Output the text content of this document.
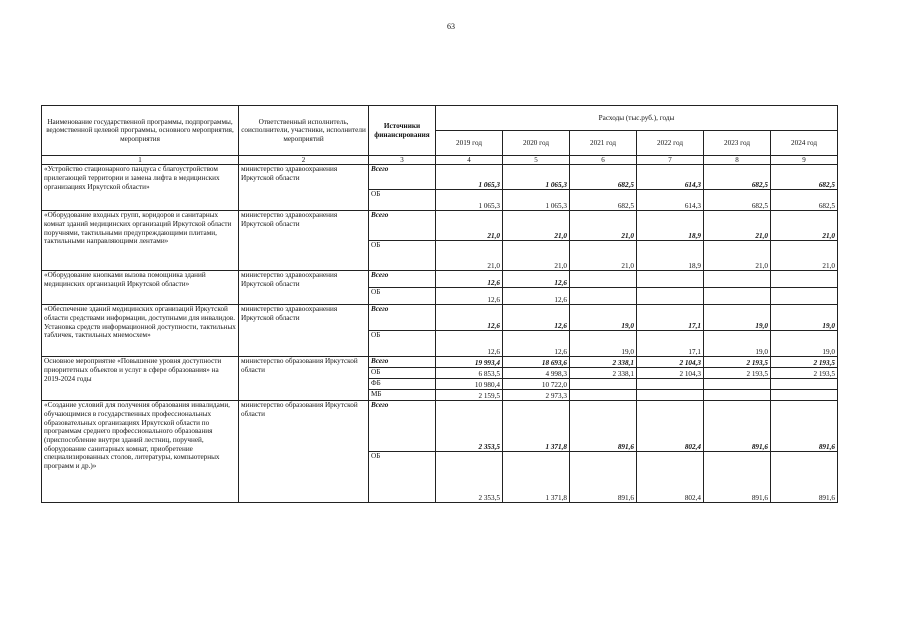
63
Наименование государственной программы, подпрограммы, ведомственной целевой программы, основного мероприятия, мероприятия	Ответственный исполнитель, соисполнители, участники, исполнители мероприятий	Источники финансирования	Расходы (тыс.руб.), годы					
			2019 год	2020 год	2021 год	2022 год	2023 год	2024 год
1	2	3	4	5	6	7	8	9
«Устройство стационарного пандуса с благоустройством прилегающей территории и замена лифта в медицинских организациях Иркутской области»	министерство здравоохранения Иркутской области	Всего	1 065,3	1 065,3	682,5	614,3	682,5	682,5
		ОБ	1 065,3	1 065,3	682,5	614,3	682,5	682,5
«Оборудование входных групп, коридоров и санитарных комнат зданий медицинских организаций Иркутской области поручнями, тактильными предупреждающими плитами, тактильными направляющими лентами»	министерство здравоохранения Иркутской области	Всего	21,0	21,0	21,0	18,9	21,0	21,0
		ОБ	21,0	21,0	21,0	18,9	21,0	21,0
«Оборудование кнопками вызова помощника зданий медицинских организаций Иркутской области»	министерство здравоохранения Иркутской области	Всего	12,6	12,6				
		ОБ	12,6	12,6				
«Обеспечение зданий медицинских организаций Иркутской области средствами информации, доступными для инвалидов. Установка средств информационной доступности, тактильных табличек, тактильных мнемосхем»	министерство здравоохранения Иркутской области	Всего	12,6	12,6	19,0	17,1	19,0	19,0
		ОБ	12,6	12,6	19,0	17,1	19,0	19,0
Основное мероприятие «Повышение уровня доступности приоритетных объектов и услуг в сфере образования» на 2019-2024 годы	министерство образования Иркутской области	Всего	19 993,4	18 693,6	2 338,1	2 104,3	2 193,5	2 193,5
		ОБ	6 853,5	4 998,3	2 338,1	2 104,3	2 193,5	2 193,5
		ФБ	10 980,4	10 722,0				
		МБ	2 159,5	2 973,3				
«Создание условий для получения образования инвалидами, обучающимися в государственных профессиональных образовательных организациях Иркутской области по программам среднего профессионального образования (приспособление внутри зданий лестниц, поручней, оборудование санитарных комнат, приобретение специализированных столов, литературы, компьютерных программ и др.)»	министерство образования Иркутской области	Всего	2 353,5	1 371,8	891,6	802,4	891,6	891,6
		ОБ	2 353,5	1 371,8	891,6	802,4	891,6	891,6
